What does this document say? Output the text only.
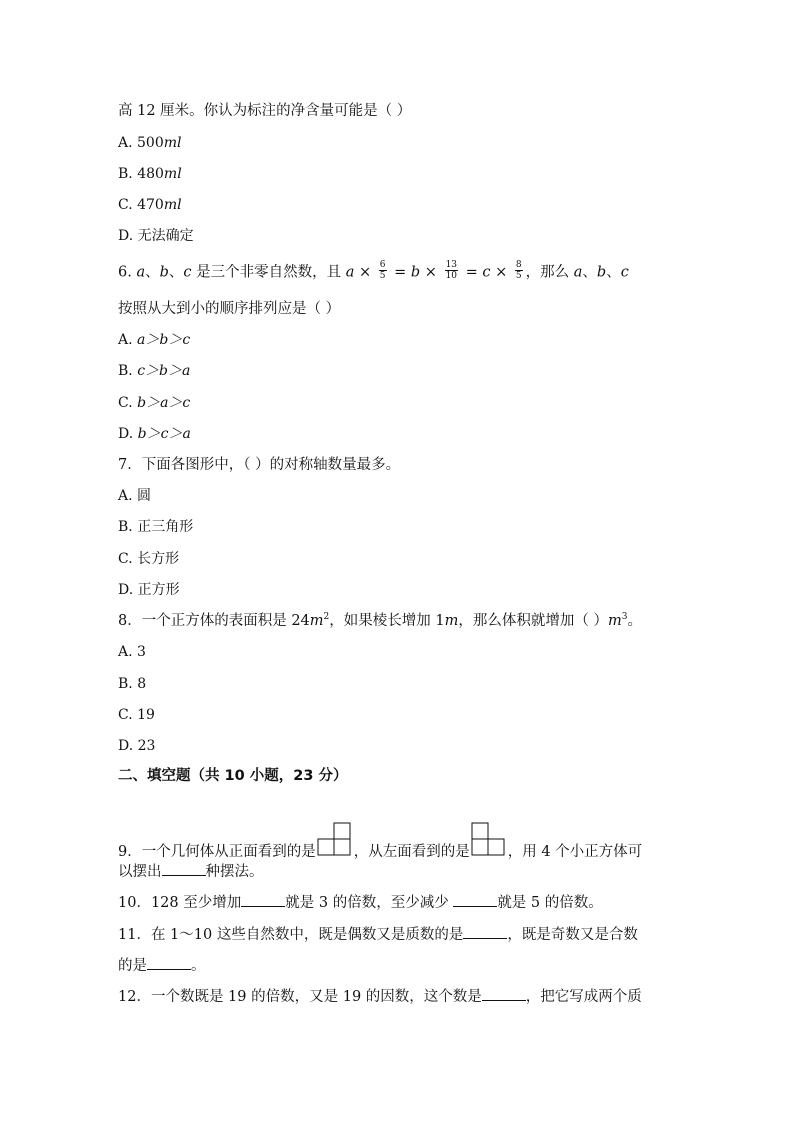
高 12 厘米。你认为标注的净含量可能是（ ）
A. 500ml
B. 480ml
C. 470ml
D. 无法确定
6. a、b、c 是三个非零自然数，且 $a \times \frac{6}{5} = b \times \frac{13}{10} = c \times \frac{8}{5}$ ，那么 a、b、c
按照从大到小的顺序排列应是（ ）
A. a＞b＞c
B. c＞b＞a
C. b＞a＞c
D. b＞c＞a
7．下面各图形中，（ ）的对称轴数量最多。
A. 圆
B. 正三角形
C. 长方形
D. 正方形
8．一个正方体的表面积是 $24m^2$，如果棱长增加 1m，那么体积就增加（ ）$m^3$。
A. 3
B. 8
C. 19
D. 23
二、填空题（共 10 小题，23 分）
9．一个几何体从正面看到的是	，从左面看到的是	，用 4 个小正方体可
以摆出	种摆法。
10．128 至少增加	就是 3 的倍数，至少减少	就是 5 的倍数。
11．在 1～10 这些自然数中，既是偶数又是质数的是	，既是奇数又是合数
的是	。
12．一个数既是 19 的倍数，又是 19 的因数，这个数是	，把它写成两个质
